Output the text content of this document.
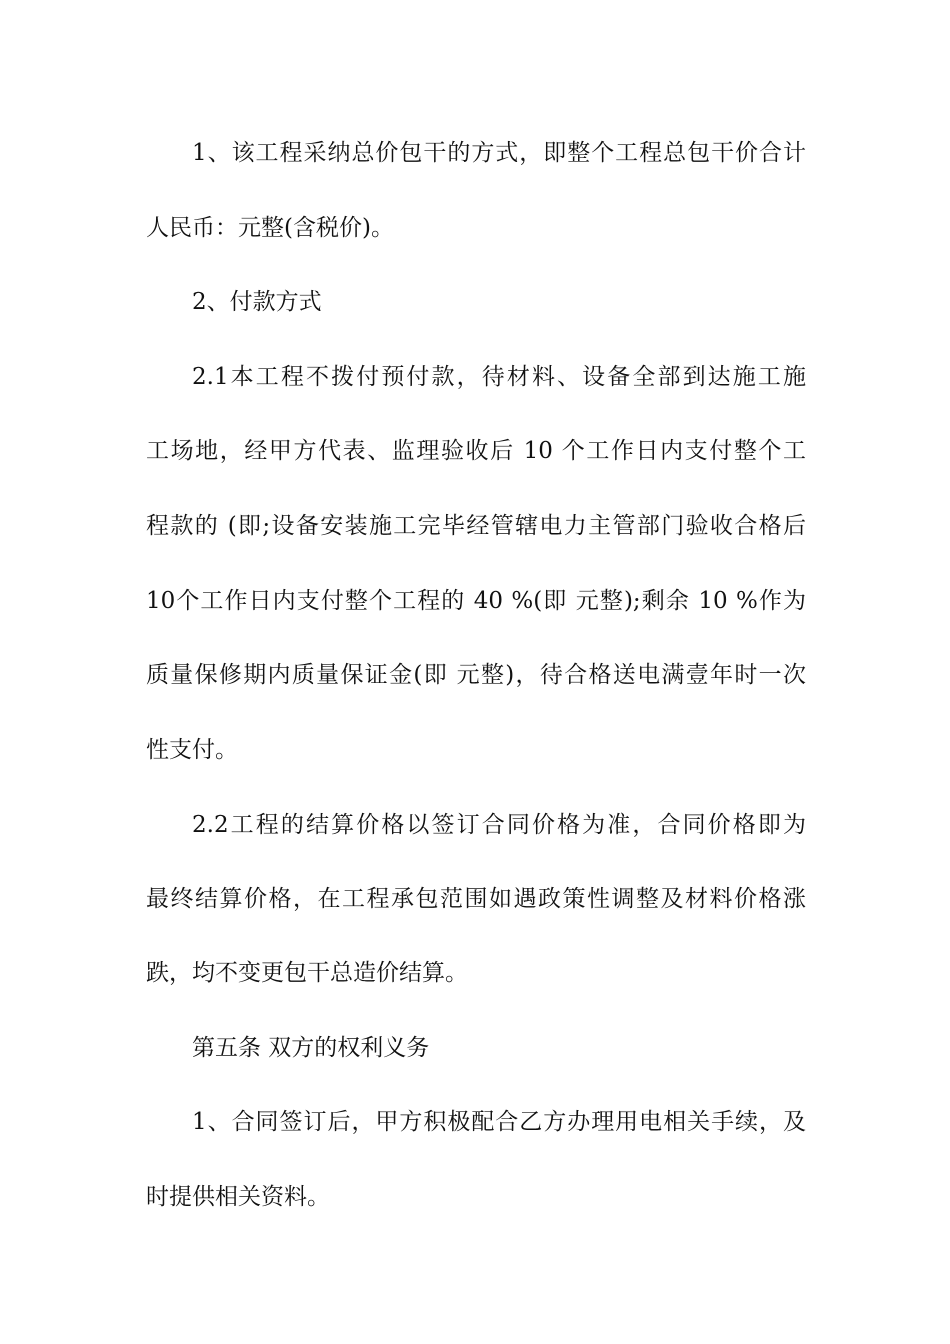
1、该工程采纳总价包干的方式，即整个工程总包干价合计
人民币：元整(含税价)。
2、付款方式
2.1本工程不拨付预付款，待材料、设备全部到达施工施
工场地，经甲方代表、监理验收后 10 个工作日内支付整个工
程款的 (即;设备安装施工完毕经管辖电力主管部门验收合格后
10个工作日内支付整个工程的 40 %(即 元整);剩余 10 %作为
质量保修期内质量保证金(即 元整)，待合格送电满壹年时一次
性支付。
2.2工程的结算价格以签订合同价格为准，合同价格即为
最终结算价格，在工程承包范围如遇政策性调整及材料价格涨
跌，均不变更包干总造价结算。
第五条 双方的权利义务
1、合同签订后，甲方积极配合乙方办理用电相关手续，及
时提供相关资料。
